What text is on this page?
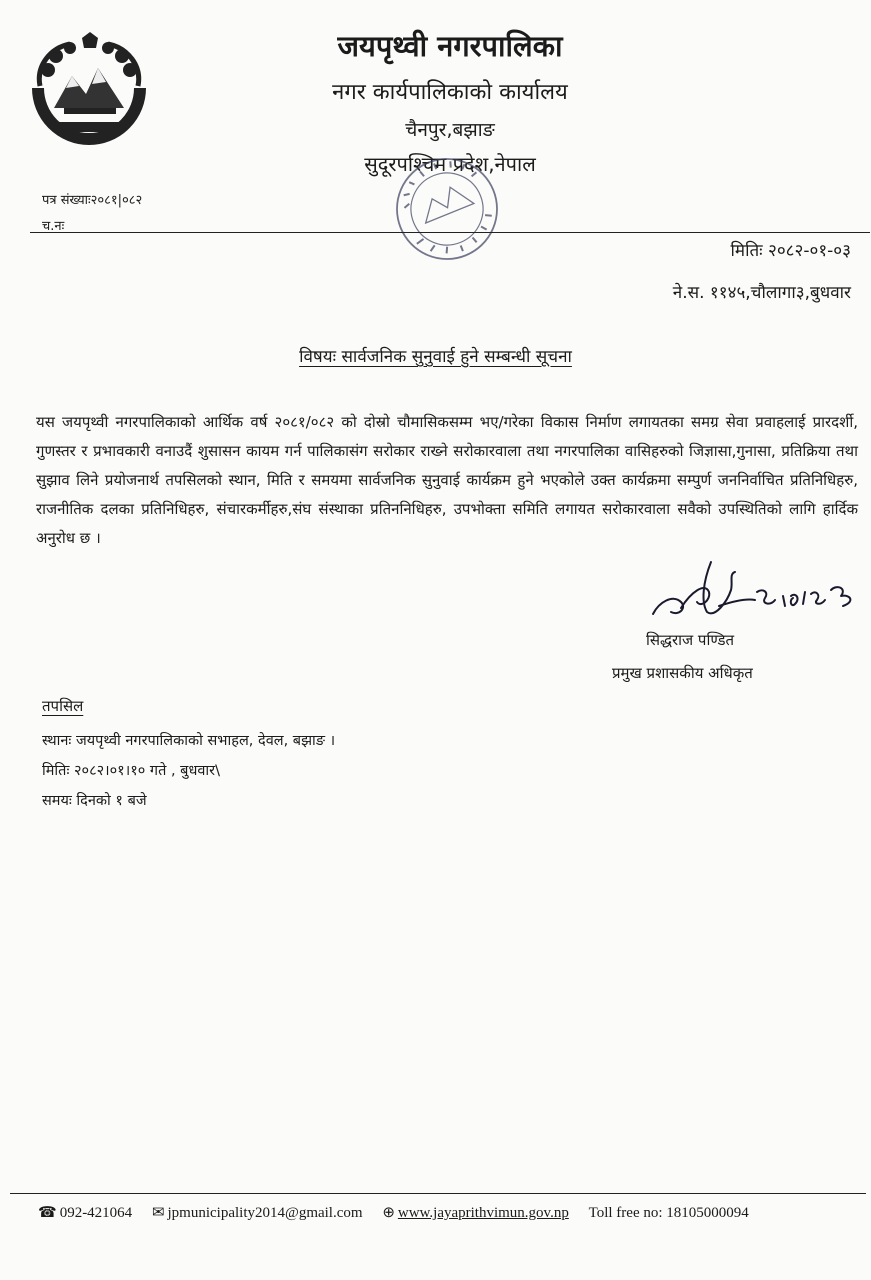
जयपृथ्वी नगरपालिका
नगर कार्यपालिकाको कार्यालय
चैनपुर,बझाङ
सुदूरपश्चिम प्रदेश,नेपाल
पत्र संख्याः२०८१|०८२
च.नः
मितिः २०८२-०१-०३
ने.स. ११४५,चौलागा३,बुधवार
विषयः सार्वजनिक सुनुवाई हुने सम्बन्धी सूचना
यस जयपृथ्वी नगरपालिकाको आर्थिक वर्ष २०८१/०८२ को दोस्रो चौमासिकसम्म भए/गरेका विकास निर्माण लगायतका समग्र सेवा प्रवाहलाई प्रारदर्शी, गुणस्तर र प्रभावकारी वनाउदैं शुसासन कायम गर्न पालिकासंग सरोकार राख्ने सरोकारवाला तथा नगरपालिका वासिहरुको जिज्ञासा,गुनासा, प्रतिक्रिया तथा सुझाव लिने प्रयोजनार्थ तपसिलको स्थान, मिति र समयमा सार्वजनिक सुनुवाई कार्यक्रम हुने भएकोले उक्त कार्यक्रमा सम्पुर्ण जननिर्वाचित प्रतिनिधिहरु, राजनीतिक दलका प्रतिनिधिहरु, संचारकर्मीहरु,संघ संस्थाका प्रतिननिधिहरु, उपभोक्ता समिति लगायत सरोकारवाला सवैको उपस्थितिको लागि हार्दिक अनुरोध छ ।
सिद्धराज पण्डित
प्रमुख प्रशासकीय अधिकृत
तपसिल
स्थानः जयपृथ्वी नगरपालिकाको सभाहल, देवल, बझाङ ।
मितिः २०८२।०१।१० गते , बुधवार\
समयः दिनको १ बजे
☎ 092-421064 ✉ jpmunicipality2014@gmail.com ⊕ www.jayaprithvimun.gov.np Toll free no: 18105000094
